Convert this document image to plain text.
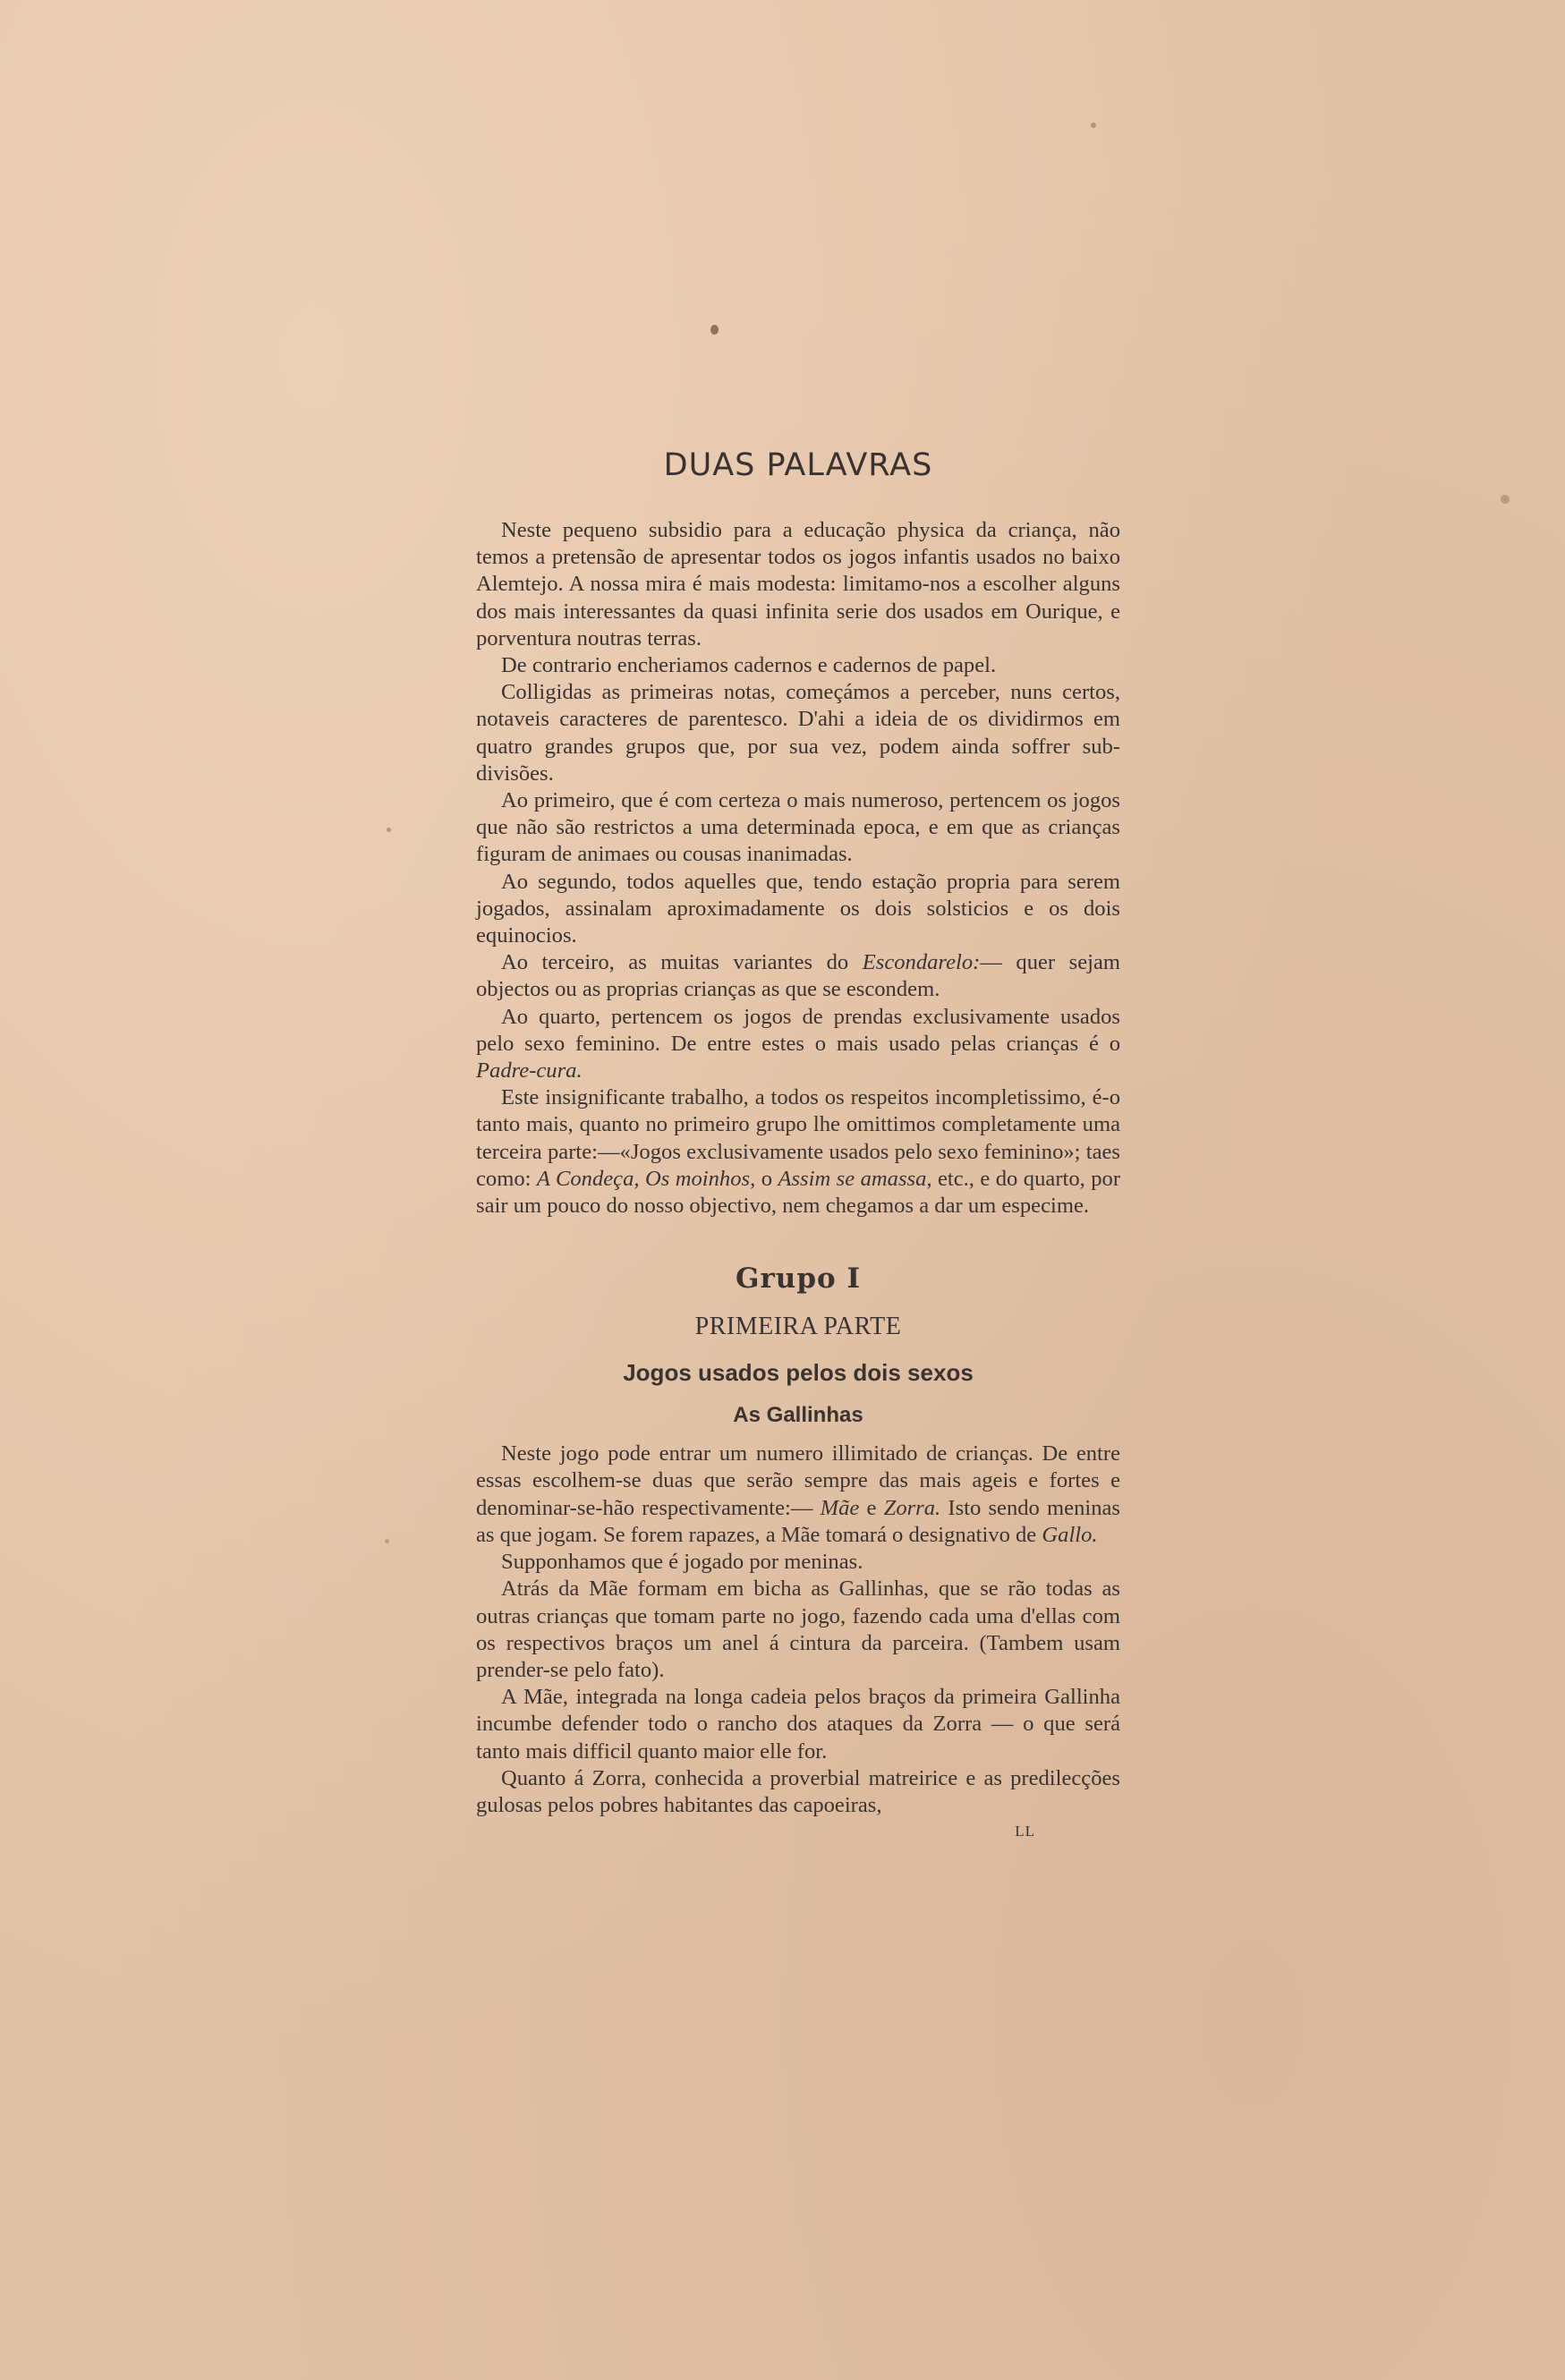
DUAS PALAVRAS

Neste pequeno subsidio para a educação physica da criança, não temos a pretensão de apresentar todos os jogos infantis usados no baixo Alemtejo. A nossa mira é mais modesta: limitamo-nos a escolher alguns dos mais interessantes da quasi infinita serie dos usados em Ourique, e porventura noutras terras.

De contrario encheriamos cadernos e cadernos de papel.

Colligidas as primeiras notas, começámos a perceber, nuns certos, notaveis caracteres de parentesco. D'ahi a ideia de os dividirmos em quatro grandes grupos que, por sua vez, podem ainda soffrer sub-divisões.

Ao primeiro, que é com certeza o mais numeroso, pertencem os jogos que não são restrictos a uma determinada epoca, e em que as crianças figuram de animaes ou cousas inanimadas.

Ao segundo, todos aquelles que, tendo estação propria para serem jogados, assinalam aproximadamente os dois solsticios e os dois equinocios.

Ao terceiro, as muitas variantes do Escondarelo:— quer sejam objectos ou as proprias crianças as que se escondem.

Ao quarto, pertencem os jogos de prendas exclusivamente usados pelo sexo feminino. De entre estes o mais usado pelas crianças é o Padre-cura.

Este insignificante trabalho, a todos os respeitos incompletissimo, é-o tanto mais, quanto no primeiro grupo lhe omittimos completamente uma terceira parte:—«Jogos exclusivamente usados pelo sexo feminino»; taes como: A Condeça, Os moinhos, o Assim se amassa, etc., e do quarto, por sair um pouco do nosso objectivo, nem chegamos a dar um especime.

Grupo I
PRIMEIRA PARTE
Jogos usados pelos dois sexos
As Gallinhas

Neste jogo pode entrar um numero illimitado de crianças. De entre essas escolhem-se duas que serão sempre das mais ageis e fortes e denominar-se-hão respectivamente:— Mãe e Zorra. Isto sendo meninas as que jogam. Se forem rapazes, a Mãe tomará o designativo de Gallo.

Supponhamos que é jogado por meninas.

Atrás da Mãe formam em bicha as Gallinhas, que se rão todas as outras crianças que tomam parte no jogo, fazendo cada uma d'ellas com os respectivos braços um anel á cintura da parceira. (Tambem usam prender-se pelo fato).

A Mãe, integrada na longa cadeia pelos braços da primeira Gallinha incumbe defender todo o rancho dos ataques da Zorra — o que será tanto mais difficil quanto maior elle for.

Quanto á Zorra, conhecida a proverbial matreirice e as predilecções gulosas pelos pobres habitantes das capoeiras,

LL
